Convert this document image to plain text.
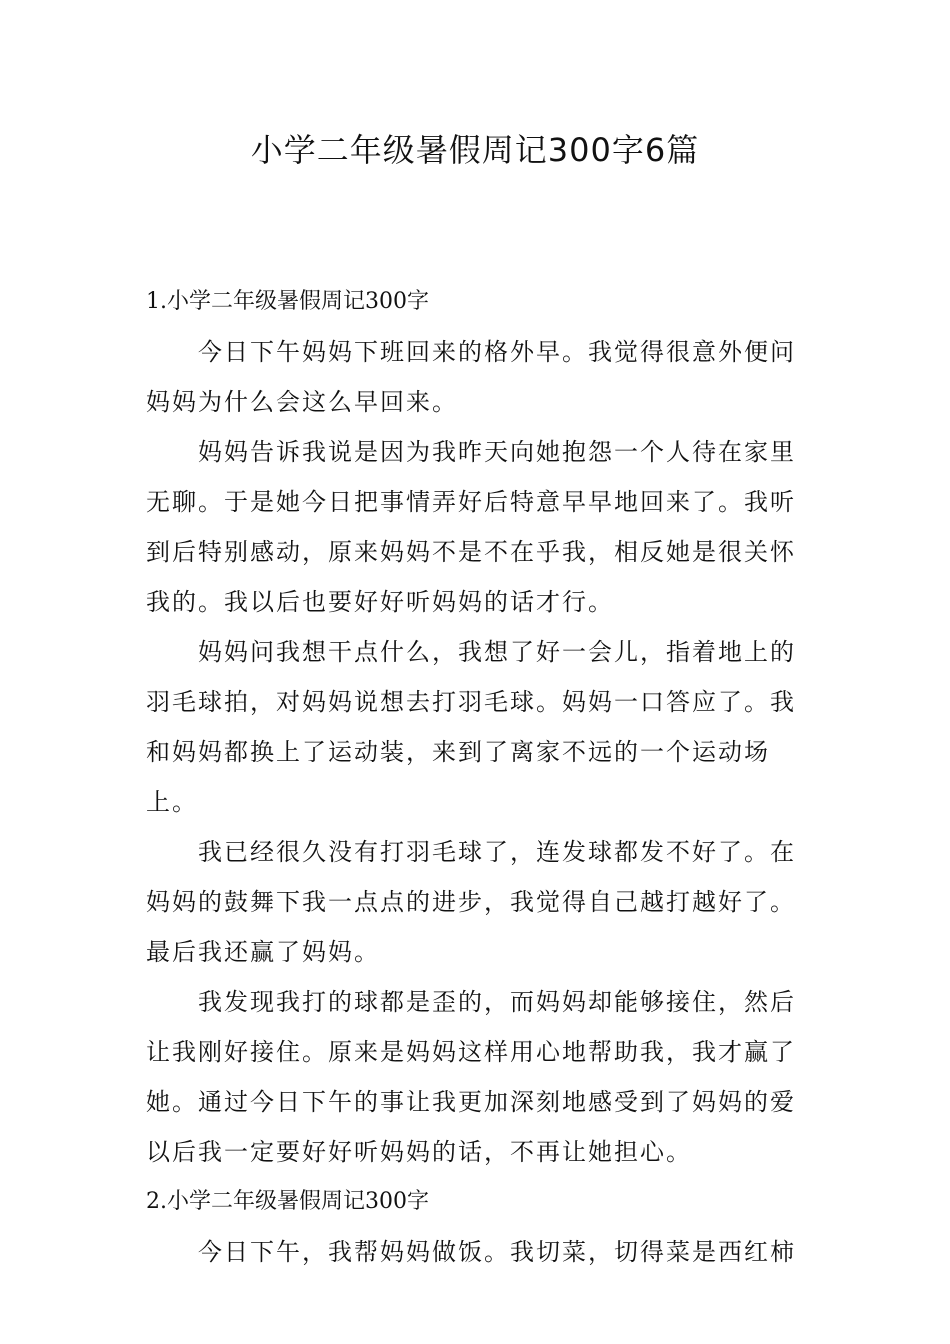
小学二年级暑假周记300字6篇
1.小学二年级暑假周记300字

今日下午妈妈下班回来的格外早。我觉得很意外便问妈妈为什么会这么早回来。

妈妈告诉我说是因为我昨天向她抱怨一个人待在家里无聊。于是她今日把事情弄好后特意早早地回来了。我听到后特别感动，原来妈妈不是不在乎我，相反她是很关怀我的。我以后也要好好听妈妈的话才行。

妈妈问我想干点什么，我想了好一会儿，指着地上的羽毛球拍，对妈妈说想去打羽毛球。妈妈一口答应了。我和妈妈都换上了运动装，来到了离家不远的一个运动场上。

我已经很久没有打羽毛球了，连发球都发不好了。在妈妈的鼓舞下我一点点的进步，我觉得自己越打越好了。最后我还赢了妈妈。

我发现我打的球都是歪的，而妈妈却能够接住，然后让我刚好接住。原来是妈妈这样用心地帮助我，我才赢了她。通过今日下午的事让我更加深刻地感受到了妈妈的爱以后我一定要好好听妈妈的话，不再让她担心。

2.小学二年级暑假周记300字

今日下午，我帮妈妈做饭。我切菜，切得菜是西红柿
